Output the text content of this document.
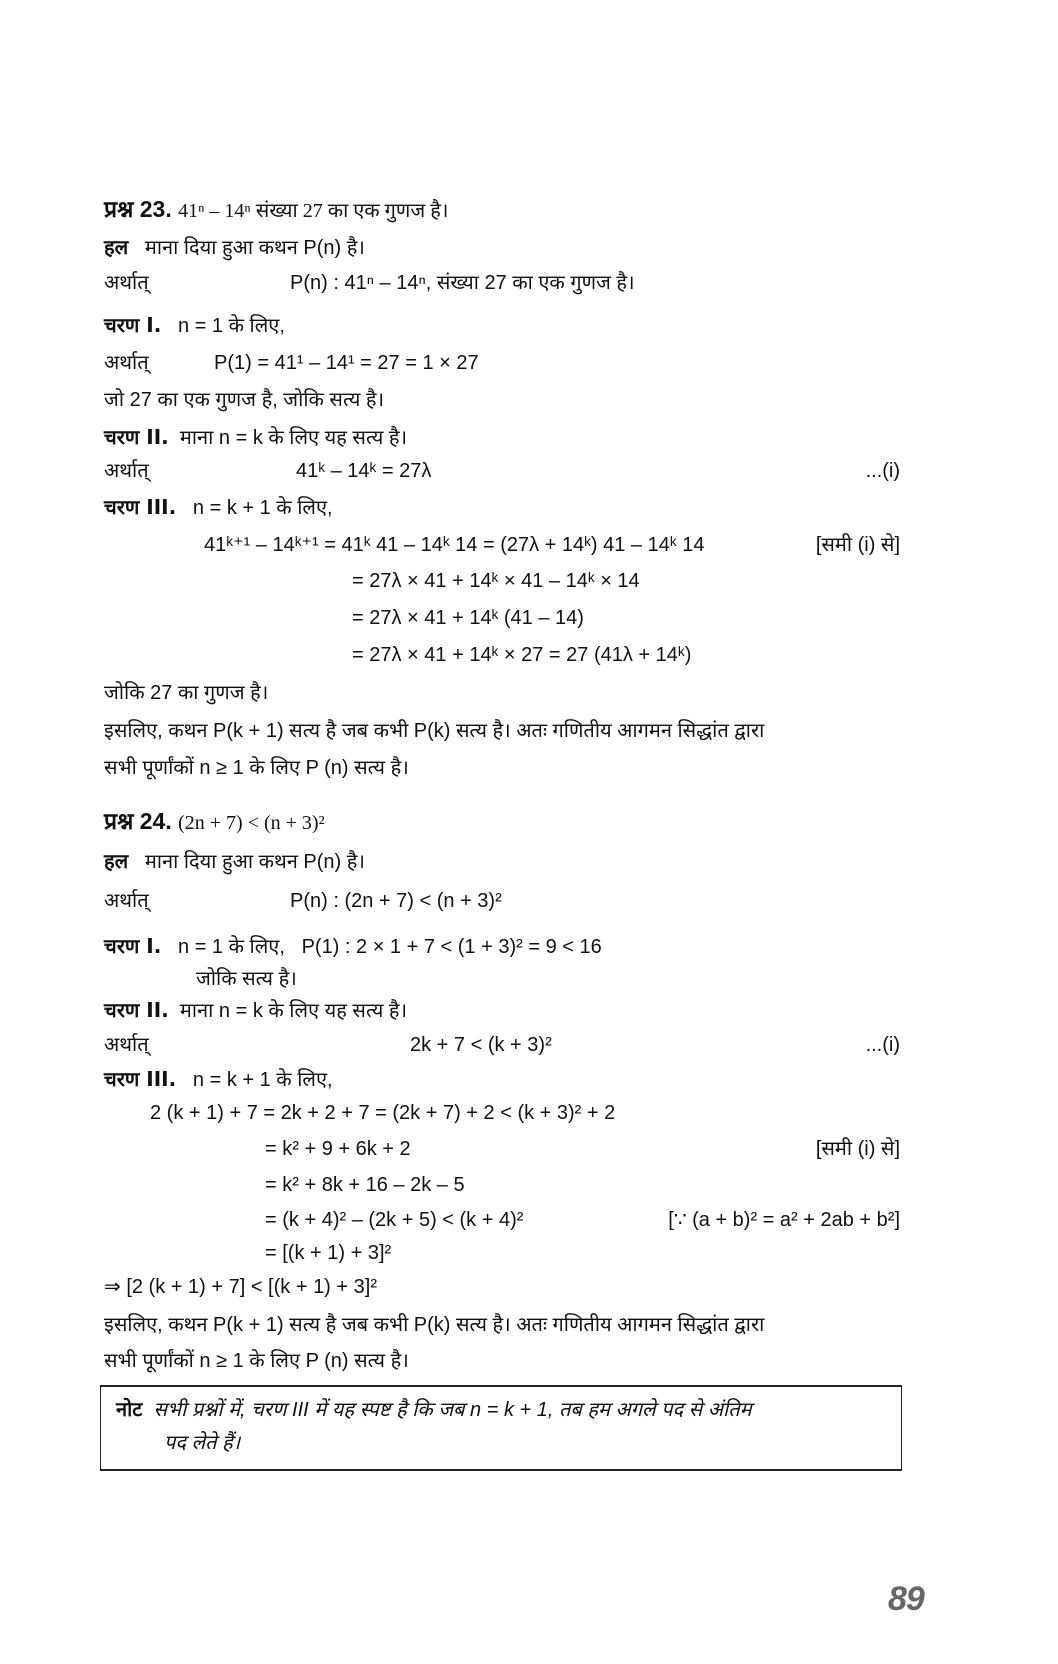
प्रश्न 23. 41ⁿ – 14ⁿ संख्या 27 का एक गुणज है।
हल माना दिया हुआ कथन P(n) है।
अर्थात्	P(n) : 41ⁿ – 14ⁿ, संख्या 27 का एक गुणज है।
चरण I. n = 1 के लिए,
अर्थात्	P(1) = 41¹ – 14¹ = 27 = 1 × 27
जो 27 का एक गुणज है, जोकि सत्य है।
चरण II. माना n = k के लिए यह सत्य है।
अर्थात्	41ᵏ – 14ᵏ = 27λ	...(i)
चरण III. n = k + 1 के लिए,
41ᵏ⁺¹ – 14ᵏ⁺¹ = 41ᵏ 41 – 14ᵏ 14 = (27λ + 14ᵏ) 41 – 14ᵏ 14	[समी (i) से]
= 27λ × 41 + 14ᵏ × 41 – 14ᵏ × 14
= 27λ × 41 + 14ᵏ (41 – 14)
= 27λ × 41 + 14ᵏ × 27 = 27 (41λ + 14ᵏ)
जोकि 27 का गुणज है।
इसलिए, कथन P(k + 1) सत्य है जब कभी P(k) सत्य है। अतः गणितीय आगमन सिद्धांत द्वारा
सभी पूर्णांकों n ≥ 1 के लिए P (n) सत्य है।
प्रश्न 24. (2n + 7) < (n + 3)²
हल माना दिया हुआ कथन P(n) है।
अर्थात्	P(n) : (2n + 7) < (n + 3)²
चरण I. n = 1 के लिए, P(1) : 2 × 1 + 7 < (1 + 3)² = 9 < 16
जोकि सत्य है।
चरण II. माना n = k के लिए यह सत्य है।
अर्थात्	2k + 7 < (k + 3)²	...(i)
चरण III. n = k + 1 के लिए,
2 (k + 1) + 7 = 2k + 2 + 7 = (2k + 7) + 2 < (k + 3)² + 2
= k² + 9 + 6k + 2	[समी (i) से]
= k² + 8k + 16 – 2k – 5
= (k + 4)² – (2k + 5) < (k + 4)²	[∵ (a + b)² = a² + 2ab + b²]
= [(k + 1) + 3]²
⇒ [2 (k + 1) + 7] < [(k + 1) + 3]²
इसलिए, कथन P(k + 1) सत्य है जब कभी P(k) सत्य है। अतः गणितीय आगमन सिद्धांत द्वारा
सभी पूर्णांकों n ≥ 1 के लिए P (n) सत्य है।
नोट सभी प्रश्नों में, चरण III में यह स्पष्ट है कि जब n = k + 1, तब हम अगले पद से अंतिम
पद लेते हैं।
89
